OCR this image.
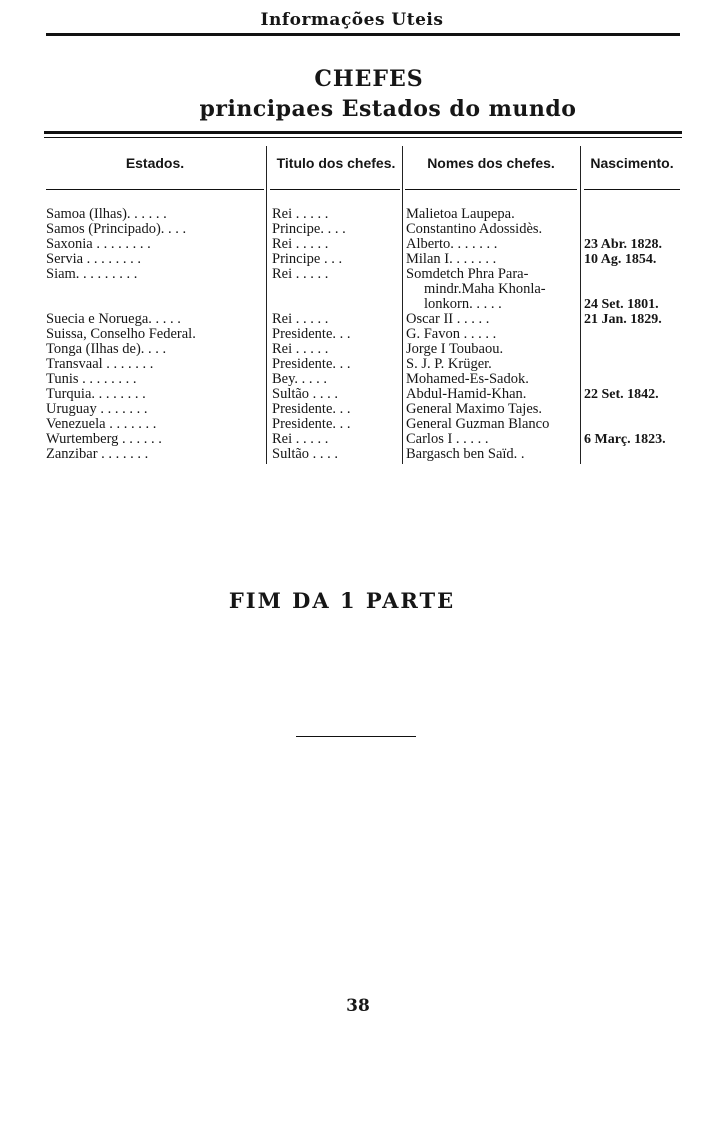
Informações Uteis
CHEFES
principaes Estados do mundo
Estados.	Titulo dos chefes.	Nomes dos chefes.	Nascimento.
Samoa (Ilhas). . . . . .	Rei . . . . .	Malietoa Laupepa.
Samos (Principado). . . .	Principe. . . .	Constantino Adossidès.
Saxonia . . . . . . . .	Rei . . . . .	Alberto. . . . . . .	23 Abr. 1828.
Servia . . . . . . . .	Principe . . .	Milan I. . . . . . .	10 Ag. 1854.
Siam. . . . . . . . .	Rei . . . . .	Somdetch Phra Para-
mindr.Maha Khonla-
lonkorn. . . . .	24 Set. 1801.
Suecia e Noruega. . . . .	Rei . . . . .	Oscar II . . . . .	21 Jan. 1829.
Suissa, Conselho Federal.	Presidente. . .	G. Favon . . . . .
Tonga (Ilhas de). . . .	Rei . . . . .	Jorge I Toubaou.
Transvaal . . . . . . .	Presidente. . .	S. J. P. Krüger.
Tunis . . . . . . . .	Bey. . . . .	Mohamed-Es-Sadok.
Turquia. . . . . . . .	Sultão . . . .	Abdul-Hamid-Khan.	22 Set. 1842.
Uruguay . . . . . . .	Presidente. . .	General Maximo Tajes.
Venezuela . . . . . . .	Presidente. . .	General Guzman Blanco
Wurtemberg . . . . . .	Rei . . . . .	Carlos I . . . . .	6 Març. 1823.
Zanzibar . . . . . . .	Sultão . . . .	Bargasch ben Saïd. .
FIM DA 1 PARTE
38
